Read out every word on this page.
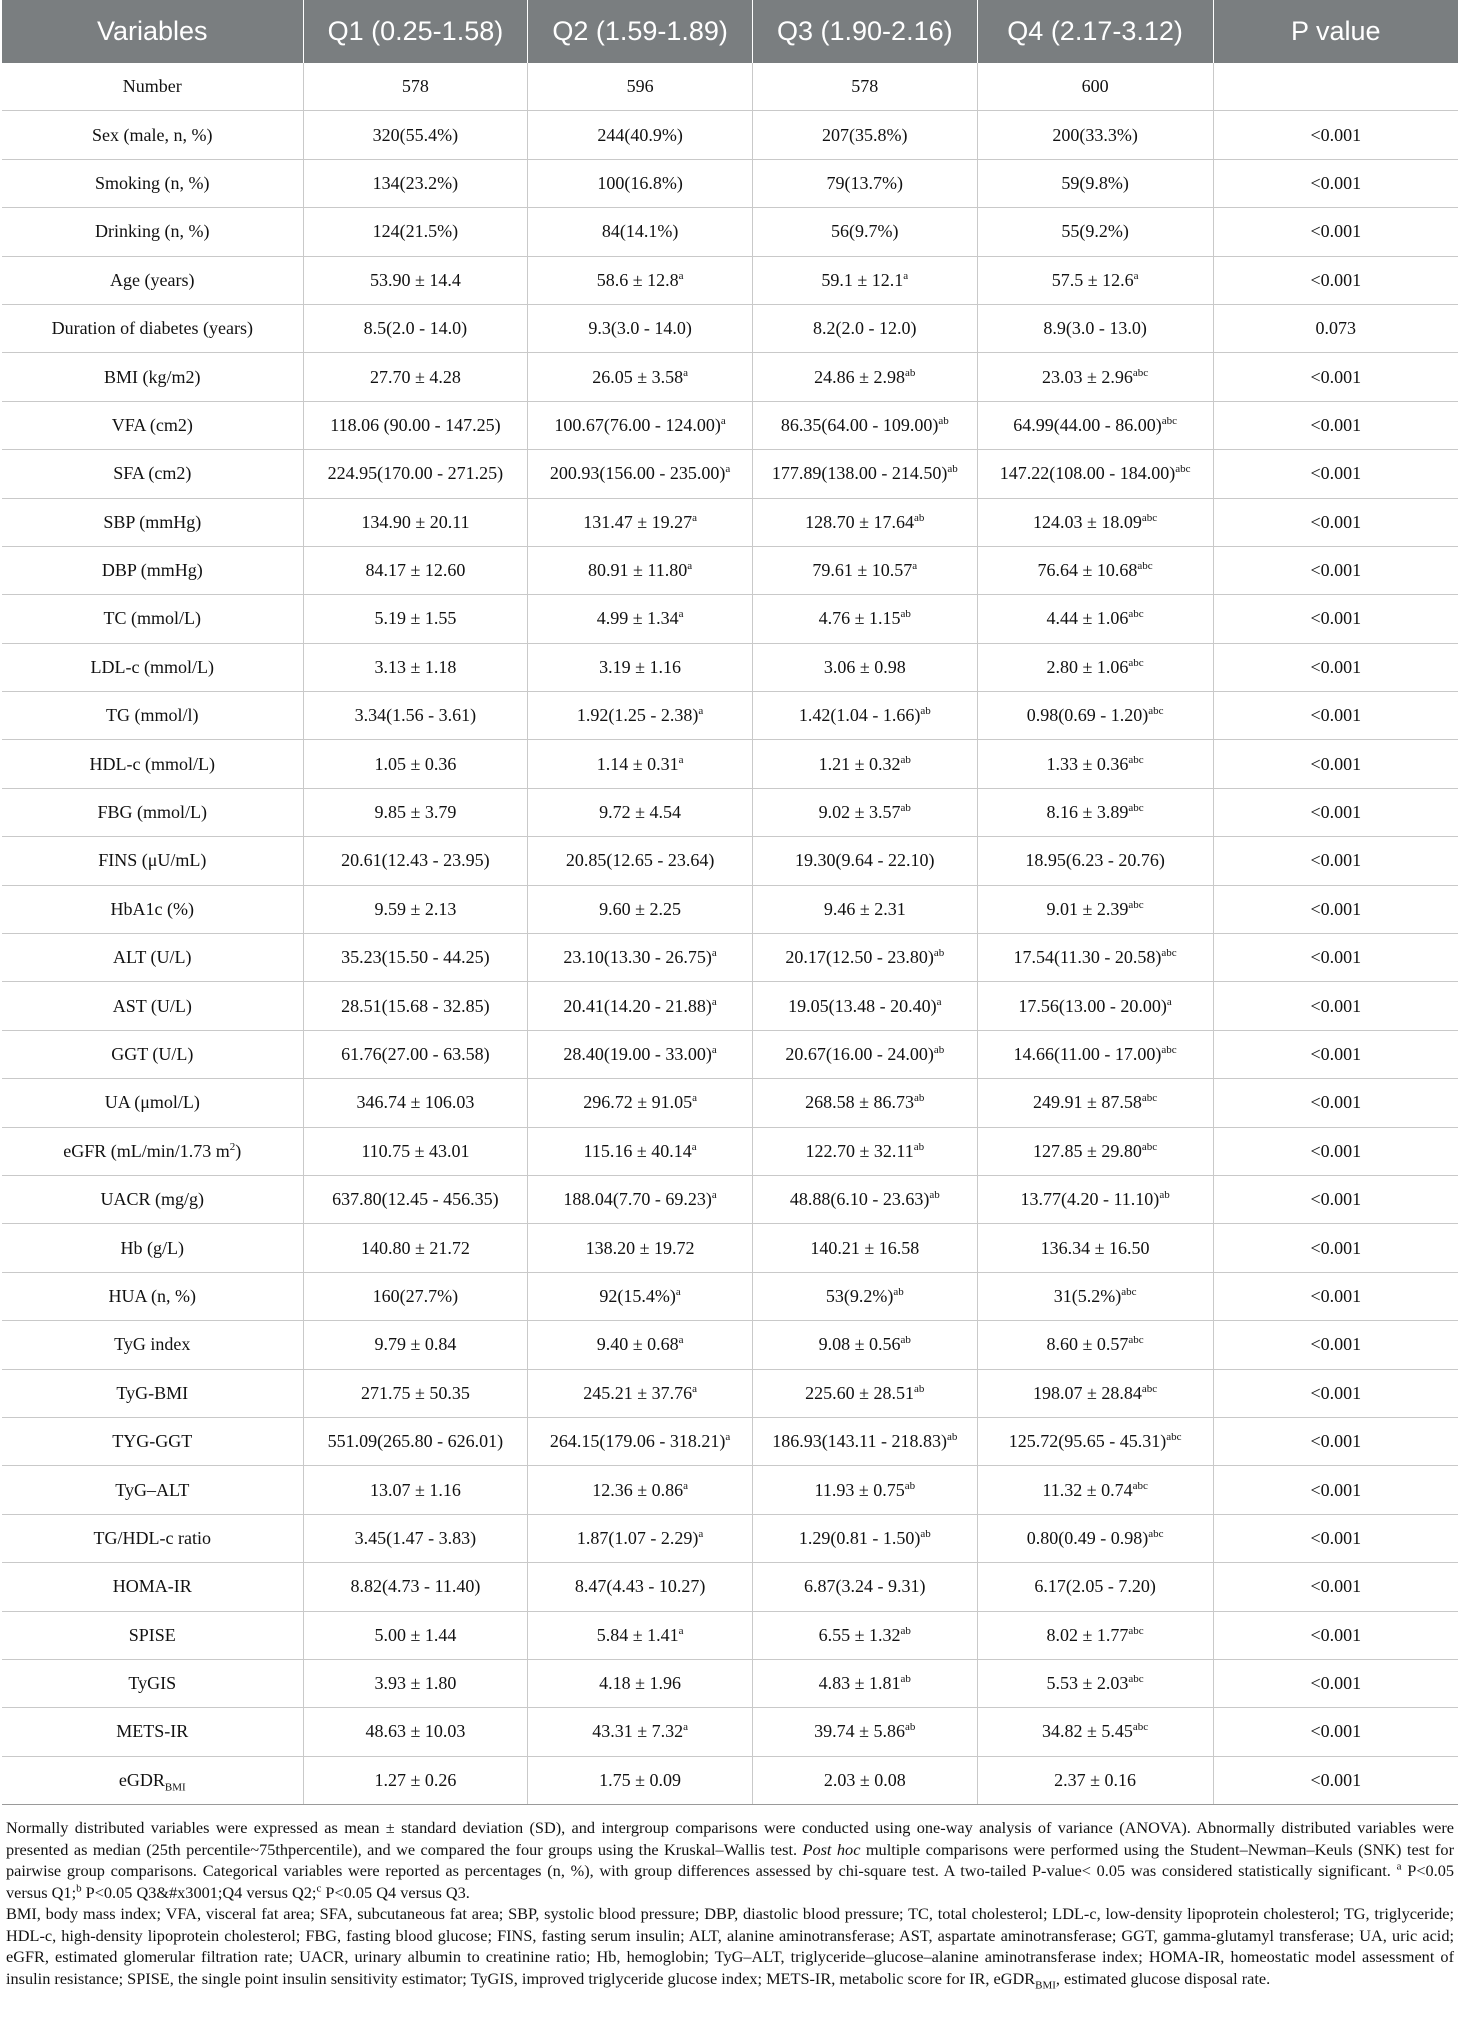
Variables	Q1 (0.25-1.58)	Q2 (1.59-1.89)	Q3 (1.90-2.16)	Q4 (2.17-3.12)	P value
Number	578	596	578	600	
Sex (male, n, %)	320(55.4%)	244(40.9%)	207(35.8%)	200(33.3%)	<0.001
Smoking (n, %)	134(23.2%)	100(16.8%)	79(13.7%)	59(9.8%)	<0.001
Drinking (n, %)	124(21.5%)	84(14.1%)	56(9.7%)	55(9.2%)	<0.001
Age (years)	53.90 ± 14.4	58.6 ± 12.8$^a$	59.1 ± 12.1$^a$	57.5 ± 12.6$^a$	<0.001
Duration of diabetes (years)	8.5(2.0 - 14.0)	9.3(3.0 - 14.0)	8.2(2.0 - 12.0)	8.9(3.0 - 13.0)	0.073
BMI (kg/m2)	27.70 ± 4.28	26.05 ± 3.58$^a$	24.86 ± 2.98$^{ab}$	23.03 ± 2.96$^{abc}$	<0.001
VFA (cm2)	118.06 (90.00 - 147.25)	100.67(76.00 - 124.00)$^a$	86.35(64.00 - 109.00)$^{ab}$	64.99(44.00 - 86.00)$^{abc}$	<0.001
SFA (cm2)	224.95(170.00 - 271.25)	200.93(156.00 - 235.00)$^a$	177.89(138.00 - 214.50)$^{ab}$	147.22(108.00 - 184.00)$^{abc}$	<0.001
SBP (mmHg)	134.90 ± 20.11	131.47 ± 19.27$^a$	128.70 ± 17.64$^{ab}$	124.03 ± 18.09$^{abc}$	<0.001
DBP (mmHg)	84.17 ± 12.60	80.91 ± 11.80$^a$	79.61 ± 10.57$^a$	76.64 ± 10.68$^{abc}$	<0.001
TC (mmol/L)	5.19 ± 1.55	4.99 ± 1.34$^a$	4.76 ± 1.15$^{ab}$	4.44 ± 1.06$^{abc}$	<0.001
LDL-c (mmol/L)	3.13 ± 1.18	3.19 ± 1.16	3.06 ± 0.98	2.80 ± 1.06$^{abc}$	<0.001
TG (mmol/l)	3.34(1.56 - 3.61)	1.92(1.25 - 2.38)$^a$	1.42(1.04 - 1.66)$^{ab}$	0.98(0.69 - 1.20)$^{abc}$	<0.001
HDL-c (mmol/L)	1.05 ± 0.36	1.14 ± 0.31$^a$	1.21 ± 0.32$^{ab}$	1.33 ± 0.36$^{abc}$	<0.001
FBG (mmol/L)	9.85 ± 3.79	9.72 ± 4.54	9.02 ± 3.57$^{ab}$	8.16 ± 3.89$^{abc}$	<0.001
FINS (μU/mL)	20.61(12.43 - 23.95)	20.85(12.65 - 23.64)	19.30(9.64 - 22.10)	18.95(6.23 - 20.76)	<0.001
HbA1c (%)	9.59 ± 2.13	9.60 ± 2.25	9.46 ± 2.31	9.01 ± 2.39$^{abc}$	<0.001
ALT (U/L)	35.23(15.50 - 44.25)	23.10(13.30 - 26.75)$^a$	20.17(12.50 - 23.80)$^{ab}$	17.54(11.30 - 20.58)$^{abc}$	<0.001
AST (U/L)	28.51(15.68 - 32.85)	20.41(14.20 - 21.88)$^a$	19.05(13.48 - 20.40)$^a$	17.56(13.00 - 20.00)$^a$	<0.001
GGT (U/L)	61.76(27.00 - 63.58)	28.40(19.00 - 33.00)$^a$	20.67(16.00 - 24.00)$^{ab}$	14.66(11.00 - 17.00)$^{abc}$	<0.001
UA (μmol/L)	346.74 ± 106.03	296.72 ± 91.05$^a$	268.58 ± 86.73$^{ab}$	249.91 ± 87.58$^{abc}$	<0.001
eGFR (mL/min/1.73 $m^2$)	110.75 ± 43.01	115.16 ± 40.14$^a$	122.70 ± 32.11$^{ab}$	127.85 ± 29.80$^{abc}$	<0.001
UACR (mg/g)	637.80(12.45 - 456.35)	188.04(7.70 - 69.23)$^a$	48.88(6.10 - 23.63)$^{ab}$	13.77(4.20 - 11.10)$^{ab}$	<0.001
Hb (g/L)	140.80 ± 21.72	138.20 ± 19.72	140.21 ± 16.58	136.34 ± 16.50	<0.001
HUA (n, %)	160(27.7%)	$92(15.4\%)^a$	$53(9.2\%)^{ab}$	$31(5.2\%)^{abc}$	<0.001
TyG index	9.79 ± 0.84	9.40 ± 0.68$^a$	9.08 ± 0.56$^{ab}$	8.60 ± 0.57$^{abc}$	<0.001
TyG-BMI	271.75 ± 50.35	245.21 ± 37.76$^a$	225.60 ± 28.51$^{ab}$	198.07 ± 28.84$^{abc}$	<0.001
TYG-GGT	551.09(265.80 - 626.01)	264.15(179.06 - 318.21)$^a$	186.93(143.11 - 218.83)$^{ab}$	125.72(95.65 - 45.31)$^{abc}$	<0.001
TyG–ALT	13.07 ± 1.16	12.36 ± 0.86$^a$	11.93 ± 0.75$^{ab}$	11.32 ± 0.74$^{abc}$	<0.001
TG/HDL-c ratio	3.45(1.47 - 3.83)	1.87(1.07 - 2.29)$^a$	1.29(0.81 - 1.50)$^{ab}$	0.80(0.49 - 0.98)$^{abc}$	<0.001
HOMA-IR	8.82(4.73 - 11.40)	8.47(4.43 - 10.27)	6.87(3.24 - 9.31)	6.17(2.05 - 7.20)	<0.001
SPISE	5.00 ± 1.44	5.84 ± 1.41$^a$	6.55 ± 1.32$^{ab}$	8.02 ± 1.77$^{abc}$	<0.001
TyGIS	3.93 ± 1.80	4.18 ± 1.96	4.83 ± 1.81$^{ab}$	5.53 ± 2.03$^{abc}$	<0.001
METS-IR	48.63 ± 10.03	43.31 ± 7.32$^a$	39.74 ± 5.86$^{ab}$	34.82 ± 5.45$^{abc}$	<0.001
eGDR$_{BMI}$	1.27 ± 0.26	1.75 ± 0.09	2.03 ± 0.08	2.37 ± 0.16	<0.001

Normally distributed variables were expressed as mean ± standard deviation (SD), and intergroup comparisons were conducted using one-way analysis of variance (ANOVA). Abnormally distributed variables were presented as median (25th percentile~75thpercentile), and we compared the four groups using the Kruskal–Wallis test. Post hoc multiple comparisons were performed using the Student–Newman–Keuls (SNK) test for pairwise group comparisons. Categorical variables were reported as percentages (n, %), with group differences assessed by chi-square test. A two-tailed P-value< 0.05 was considered statistically significant. $^a$ P<0.05 versus Q1;$^b$ P<0.05 Q3&#x3001;Q4 versus Q2;$^c$ P<0.05 Q4 versus Q3.

BMI, body mass index; VFA, visceral fat area; SFA, subcutaneous fat area; SBP, systolic blood pressure; DBP, diastolic blood pressure; TC, total cholesterol; LDL-c, low-density lipoprotein cholesterol; TG, triglyceride; HDL-c, high-density lipoprotein cholesterol; FBG, fasting blood glucose; FINS, fasting serum insulin; ALT, alanine aminotransferase; AST, aspartate aminotransferase; GGT, gamma-glutamyl transferase; UA, uric acid; eGFR, estimated glomerular filtration rate; UACR, urinary albumin to creatinine ratio; Hb, hemoglobin; TyG–ALT, triglyceride–glucose–alanine aminotransferase index; HOMA-IR, homeostatic model assessment of insulin resistance; SPISE, the single point insulin sensitivity estimator; TyGIS, improved triglyceride glucose index; METS-IR, metabolic score for IR, eGDR$_{BMI}$, estimated glucose disposal rate.
